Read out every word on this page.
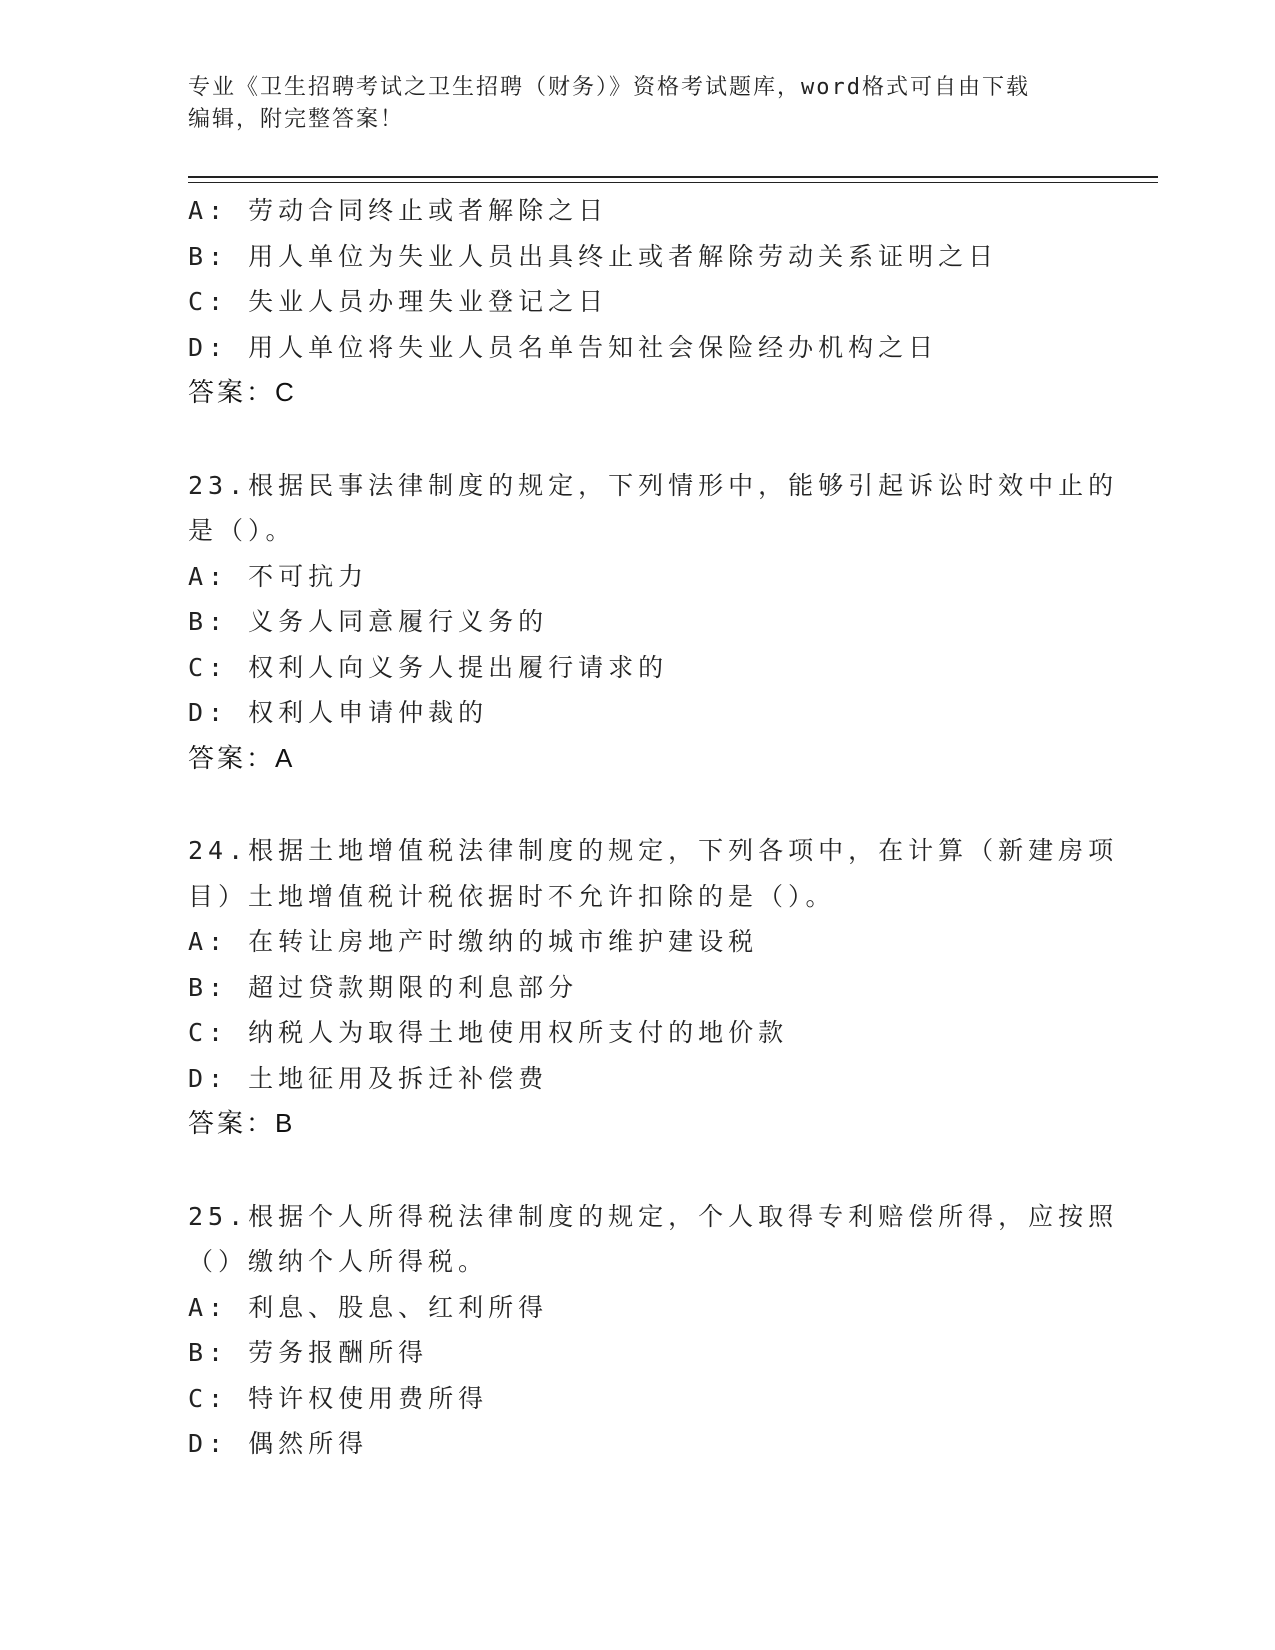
专业《卫生招聘考试之卫生招聘（财务）》资格考试题库，word格式可自由下载

编辑，附完整答案！

A: 劳动合同终止或者解除之日
B: 用人单位为失业人员出具终止或者解除劳动关系证明之日
C: 失业人员办理失业登记之日
D: 用人单位将失业人员名单告知社会保险经办机构之日
答案：C
23.根据民事法律制度的规定，下列情形中，能够引起诉讼时效中止的
是（）。
A: 不可抗力
B: 义务人同意履行义务的
C: 权利人向义务人提出履行请求的
D: 权利人申请仲裁的
答案：A
24.根据土地增值税法律制度的规定，下列各项中，在计算（新建房项
目）土地增值税计税依据时不允许扣除的是（）。
A: 在转让房地产时缴纳的城市维护建设税
B: 超过贷款期限的利息部分
C: 纳税人为取得土地使用权所支付的地价款
D: 土地征用及拆迁补偿费
答案：B
25.根据个人所得税法律制度的规定，个人取得专利赔偿所得，应按照
（）缴纳个人所得税。
A: 利息、股息、红利所得
B: 劳务报酬所得
C: 特许权使用费所得
D: 偶然所得
